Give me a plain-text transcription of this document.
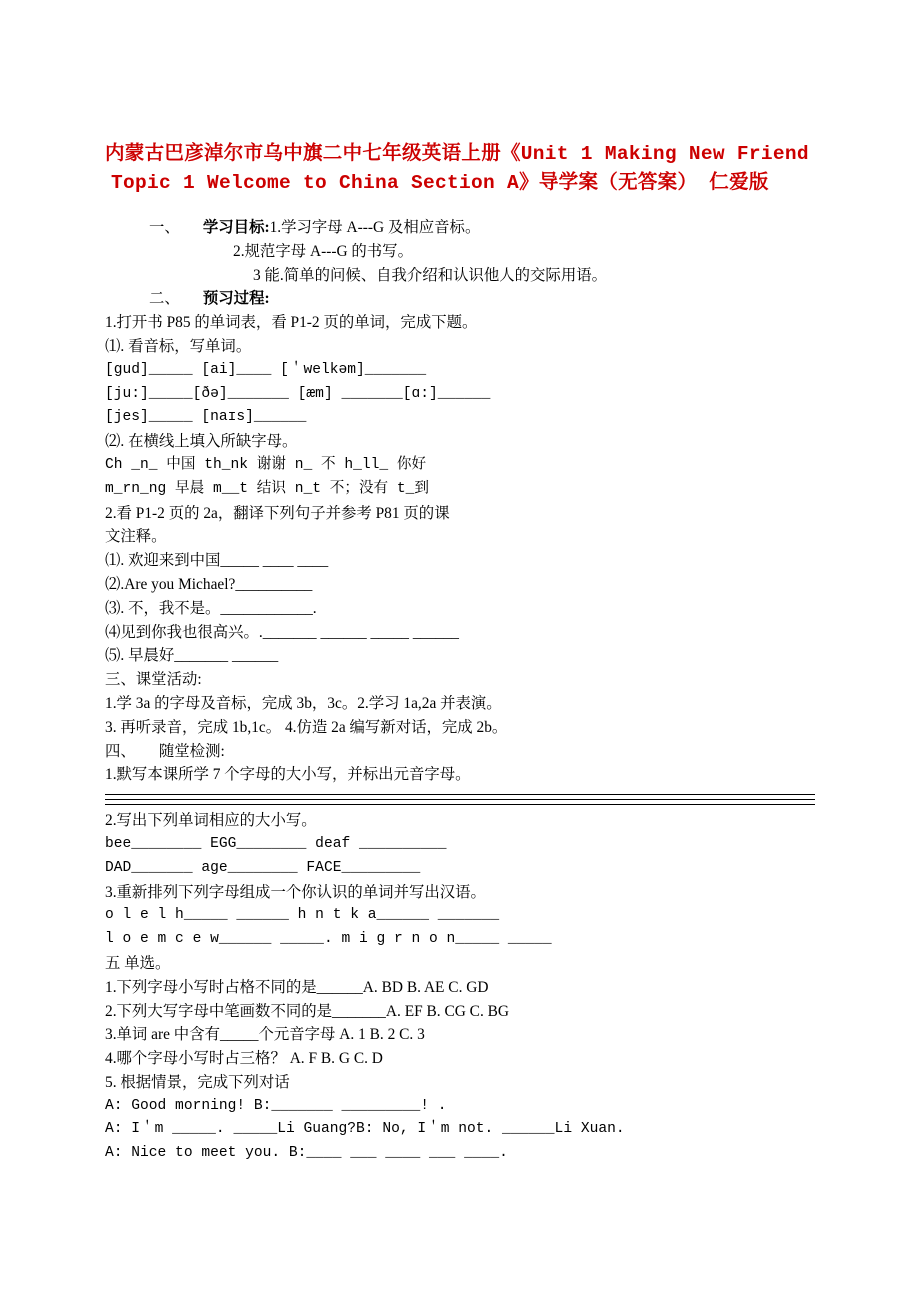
内蒙古巴彦淖尔市乌中旗二中七年级英语上册《Unit 1 Making New Friend
Topic 1 Welcome to China Section A》导学案（无答案） 仁爱版

一、 学习目标:1.学习字母 A---G 及相应音标。

2.规范字母 A---G 的书写。

3 能.简单的问候、自我介绍和认识他人的交际用语。

二、 预习过程:

1.打开书 P85 的单词表，看 P1-2 页的单词，完成下题。

⑴. 看音标，写单词。

[gud]_____ [ai]____ [＇welkəm]_______

[ju:]_____[ðə]_______ [æm] _______[ɑ:]______

[jes]_____ [naɪs]______

⑵. 在横线上填入所缺字母。

Ch _n_ 中国 th_nk 谢谢 n_ 不 h_ll_ 你好

m_rn_ng 早晨 m__t 结识 n_t 不；没有 t_到

2.看 P1-2 页的 2a，翻译下列句子并参考 P81 页的课

文注释。

⑴. 欢迎来到中国_____ ____ ____

⑵.Are you Michael?__________

⑶. 不，我不是。____________.

⑷见到你我也很高兴。._______ ______ _____ ______

⑸. 早晨好_______ ______

三、课堂活动:

1.学 3a 的字母及音标，完成 3b，3c。2.学习 1a,2a 并表演。

3. 再听录音，完成 1b,1c。 4.仿造 2a 编写新对话，完成 2b。

四、 随堂检测:

1.默写本课所学 7 个字母的大小写，并标出元音字母。

2.写出下列单词相应的大小写。

bee________ EGG________ deaf __________

DAD_______ age________ FACE_________

3.重新排列下列字母组成一个你认识的单词并写出汉语。

o l e l h_____ ______ h n t k a______ _______

l o e m c e w______ _____. m i g r n o n_____ _____

五 单选。

1.下列字母小写时占格不同的是______A. BD B. AE C. GD

2.下列大写字母中笔画数不同的是_______A. EF B. CG C. BG

3.单词 are 中含有_____个元音字母 A. 1 B. 2 C. 3

4.哪个字母小写时占三格？ A. F B. G C. D

5. 根据情景，完成下列对话

A: Good morning! B:_______ _________! .

A: I＇m _____. _____Li Guang?B: No, I＇m not. ______Li Xuan.

A: Nice to meet you. B:____ ___ ____ ___ ____.
